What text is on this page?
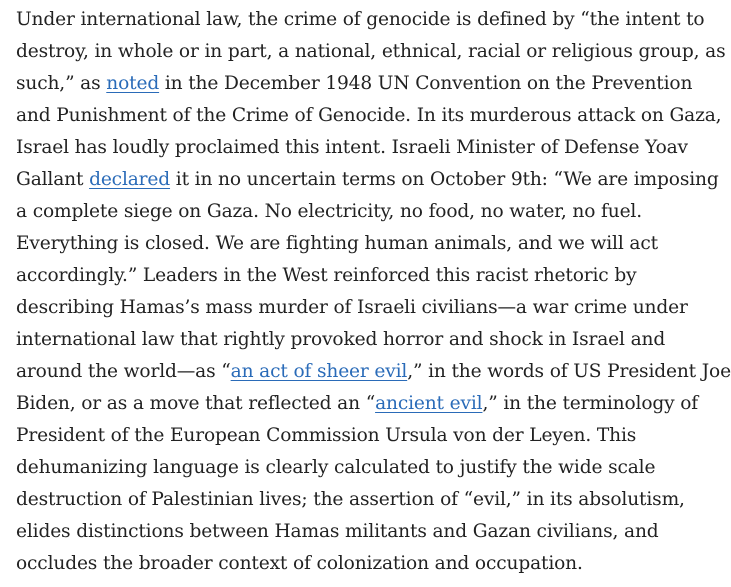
Under international law, the crime of genocide is defined by “the intent to
destroy, in whole or in part, a national, ethnical, racial or religious group, as
such,” as noted in the December 1948 UN Convention on the Prevention
and Punishment of the Crime of Genocide. In its murderous attack on Gaza,
Israel has loudly proclaimed this intent. Israeli Minister of Defense Yoav
Gallant declared it in no uncertain terms on October 9th: “We are imposing
a complete siege on Gaza. No electricity, no food, no water, no fuel.
Everything is closed. We are fighting human animals, and we will act
accordingly.” Leaders in the West reinforced this racist rhetoric by
describing Hamas’s mass murder of Israeli civilians—a war crime under
international law that rightly provoked horror and shock in Israel and
around the world—as “an act of sheer evil,” in the words of US President Joe
Biden, or as a move that reflected an “ancient evil,” in the terminology of
President of the European Commission Ursula von der Leyen. This
dehumanizing language is clearly calculated to justify the wide scale
destruction of Palestinian lives; the assertion of “evil,” in its absolutism,
elides distinctions between Hamas militants and Gazan civilians, and
occludes the broader context of colonization and occupation.
